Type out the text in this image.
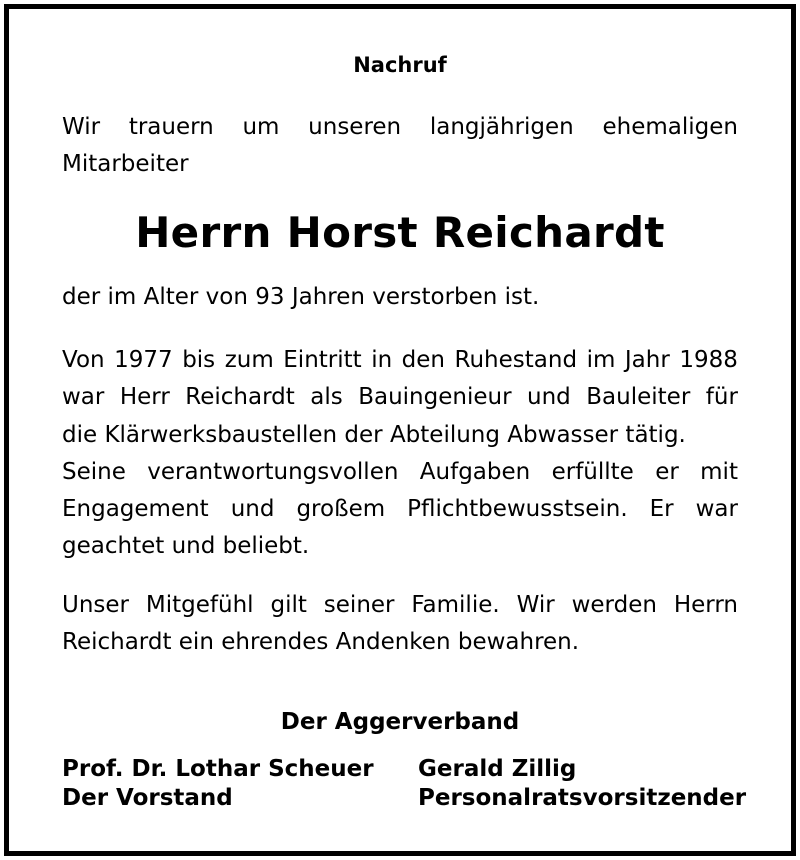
Nachruf
Wir trauern um unseren langjährigen ehemaligen
Mitarbeiter
Herrn Horst Reichardt
der im Alter von 93 Jahren verstorben ist.
Von 1977 bis zum Eintritt in den Ruhestand im Jahr 1988
war Herr Reichardt als Bauingenieur und Bauleiter für
die Klärwerksbaustellen der Abteilung Abwasser tätig.
Seine verantwortungsvollen Aufgaben erfüllte er mit
Engagement und großem Pflichtbewusstsein. Er war
geachtet und beliebt.
Unser Mitgefühl gilt seiner Familie. Wir werden Herrn
Reichardt ein ehrendes Andenken bewahren.
Der Aggerverband
Prof. Dr. Lothar Scheuer
Der Vorstand
Gerald Zillig
Personalratsvorsitzender
